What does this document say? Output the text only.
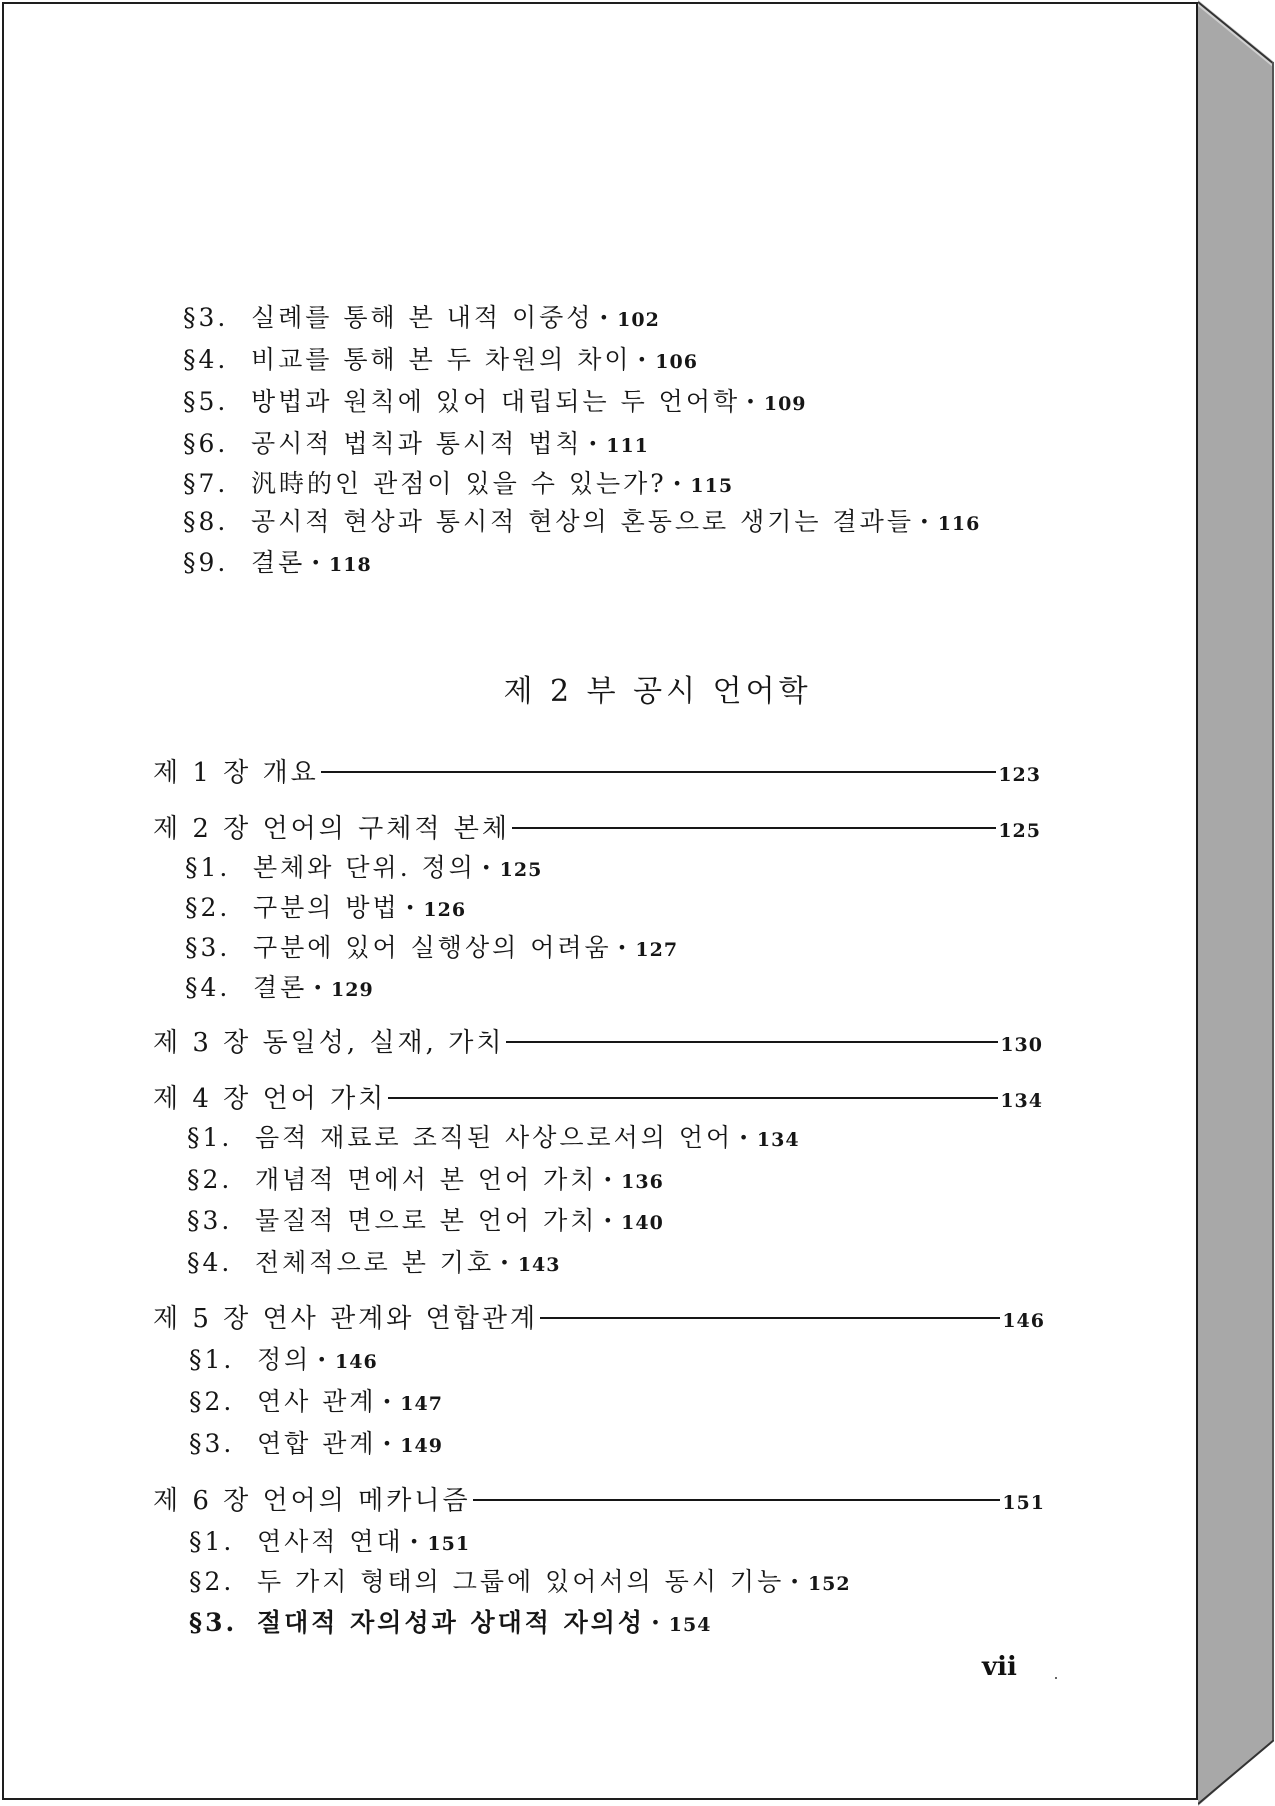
§3. 실례를 통해 본 내적 이중성 · 102
§4. 비교를 통해 본 두 차원의 차이 · 106
§5. 방법과 원칙에 있어 대립되는 두 언어학 · 109
§6. 공시적 법칙과 통시적 법칙 · 111
§7. 汎時的인 관점이 있을 수 있는가? · 115
§8. 공시적 현상과 통시적 현상의 혼동으로 생기는 결과들 · 116
§9. 결론 · 118
제 2 부 공시 언어학
제 1 장 개요	123
제 2 장 언어의 구체적 본체	125
§1. 본체와 단위. 정의 · 125
§2. 구분의 방법 · 126
§3. 구분에 있어 실행상의 어려움 · 127
§4. 결론 · 129
제 3 장 동일성, 실재, 가치	130
제 4 장 언어 가치	134
§1. 음적 재료로 조직된 사상으로서의 언어 · 134
§2. 개념적 면에서 본 언어 가치 · 136
§3. 물질적 면으로 본 언어 가치 · 140
§4. 전체적으로 본 기호 · 143
제 5 장 연사 관계와 연합관계	146
§1. 정의 · 146
§2. 연사 관계 · 147
§3. 연합 관계 · 149
제 6 장 언어의 메카니즘	151
§1. 연사적 연대 · 151
§2. 두 가지 형태의 그룹에 있어서의 동시 기능 · 152
§3. 절대적 자의성과 상대적 자의성 · 154
vii
